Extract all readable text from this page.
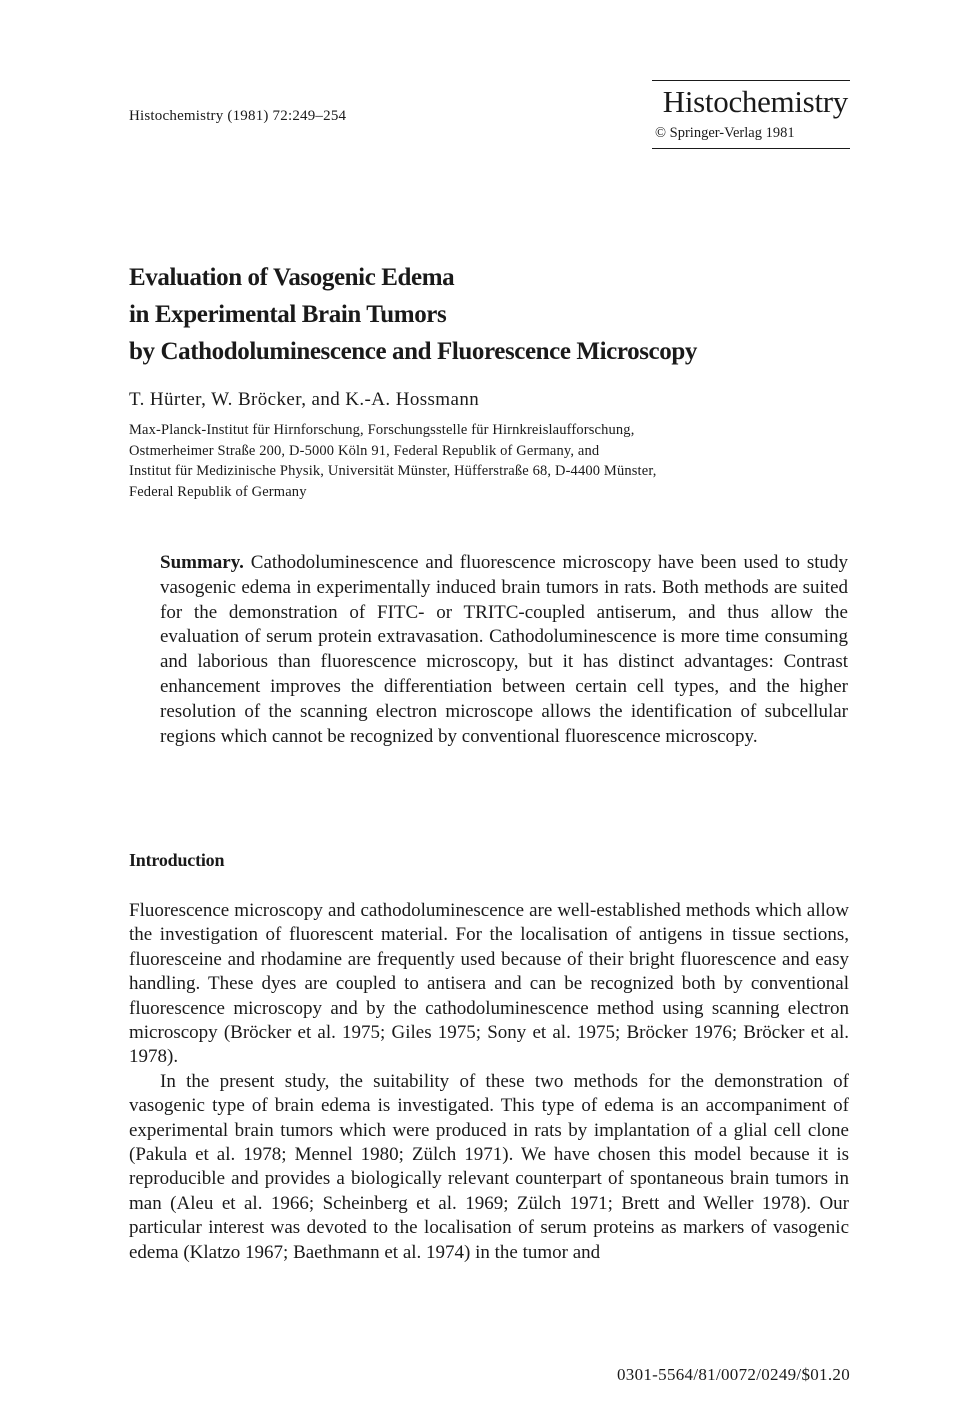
Histochemistry (1981) 72:249–254	Histochemistry
© Springer-Verlag 1981
Evaluation of Vasogenic Edema
in Experimental Brain Tumors
by Cathodoluminescence and Fluorescence Microscopy
T. Hürter, W. Bröcker, and K.-A. Hossmann
Max-Planck-Institut für Hirnforschung, Forschungsstelle für Hirnkreislaufforschung,
Ostmerheimer Straße 200, D-5000 Köln 91, Federal Republik of Germany, and
Institut für Medizinische Physik, Universität Münster, Hüfferstraße 68, D-4400 Münster,
Federal Republik of Germany
Summary. Cathodoluminescence and fluorescence microscopy have been used to study vasogenic edema in experimentally induced brain tumors in rats. Both methods are suited for the demonstration of FITC- or TRITC-coupled antiserum, and thus allow the evaluation of serum protein extravasation. Cathodoluminescence is more time consuming and laborious than fluorescence microscopy, but it has distinct advantages: Contrast enhancement improves the differentiation between certain cell types, and the higher resolution of the scanning electron microscope allows the identification of subcellular regions which cannot be recognized by conventional fluorescence microscopy.
Introduction

Fluorescence microscopy and cathodoluminescence are well-established methods which allow the investigation of fluorescent material. For the localisation of antigens in tissue sections, fluoresceine and rhodamine are frequently used because of their bright fluorescence and easy handling. These dyes are coupled to antisera and can be recognized both by conventional fluorescence microscopy and by the cathodoluminescence method using scanning electron microscopy (Bröcker et al. 1975; Giles 1975; Sony et al. 1975; Bröcker 1976; Bröcker et al. 1978).

In the present study, the suitability of these two methods for the demonstration of vasogenic type of brain edema is investigated. This type of edema is an accompaniment of experimental brain tumors which were produced in rats by implantation of a glial cell clone (Pakula et al. 1978; Mennel 1980; Zülch 1971). We have chosen this model because it is reproducible and provides a biologically relevant counterpart of spontaneous brain tumors in man (Aleu et al. 1966; Scheinberg et al. 1969; Zülch 1971; Brett and Weller 1978). Our particular interest was devoted to the localisation of serum proteins as markers of vasogenic edema (Klatzo 1967; Baethmann et al. 1974) in the tumor and

0301-5564/81/0072/0249/$01.20
